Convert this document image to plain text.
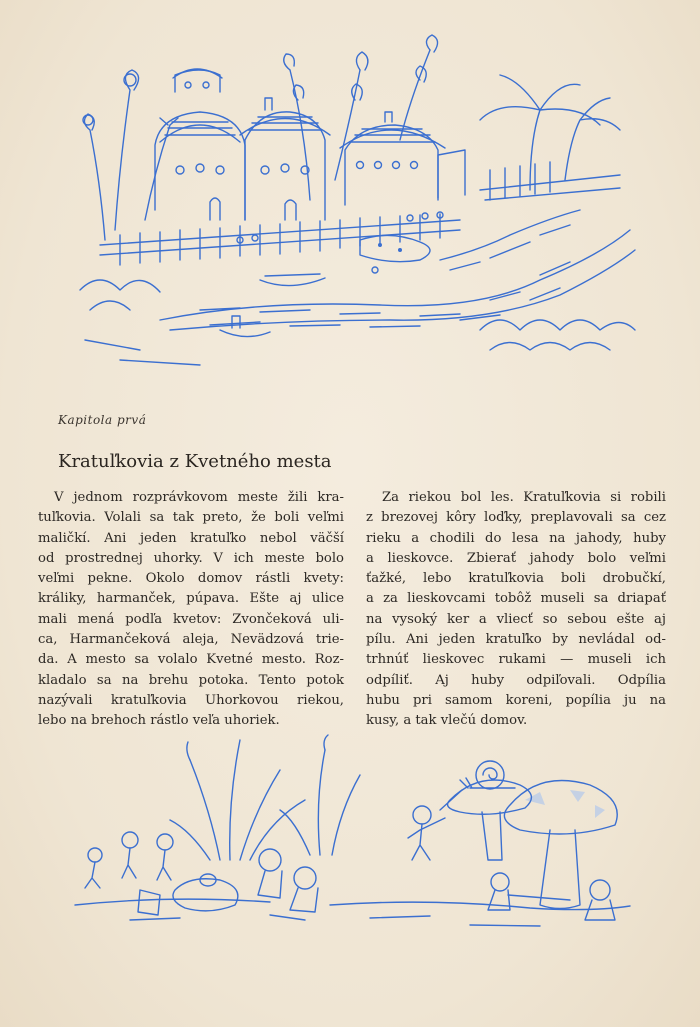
Kapitola prvá
Kratuľkovia z Kvetného mesta
V jednom rozprávkovom meste žili kra-
tuľkovia. Volali sa tak preto, že boli veľmi
maličkí. Ani jeden kratuľko nebol väčší
od prostrednej uhorky. V ich meste bolo
veľmi pekne. Okolo domov rástli kvety:
králiky, harmanček, púpava. Ešte aj ulice
mali mená podľa kvetov: Zvončeková uli-
ca, Harmančeková aleja, Nevädzová trie-
da. A mesto sa volalo Kvetné mesto. Roz-
kladalo sa na brehu potoka. Tento potok
nazývali kratuľkovia Uhorkovou riekou,
lebo na brehoch rástlo veľa uhoriek.
Za riekou bol les. Kratuľkovia si robili
z brezovej kôry loďky, preplavovali sa cez
rieku a chodili do lesa na jahody, huby
a lieskovce. Zbierať jahody bolo veľmi
ťažké, lebo kratuľkovia boli drobučkí,
a za lieskovcami tobôž museli sa driapať
na vysoký ker a vliecť so sebou ešte aj
pílu. Ani jeden kratuľko by nevládal od-
trhnúť lieskovec rukami — museli ich
odpíliť. Aj huby odpiľovali. Odpília
hubu pri samom koreni, popília ju na
kusy, a tak vlečú domov.
